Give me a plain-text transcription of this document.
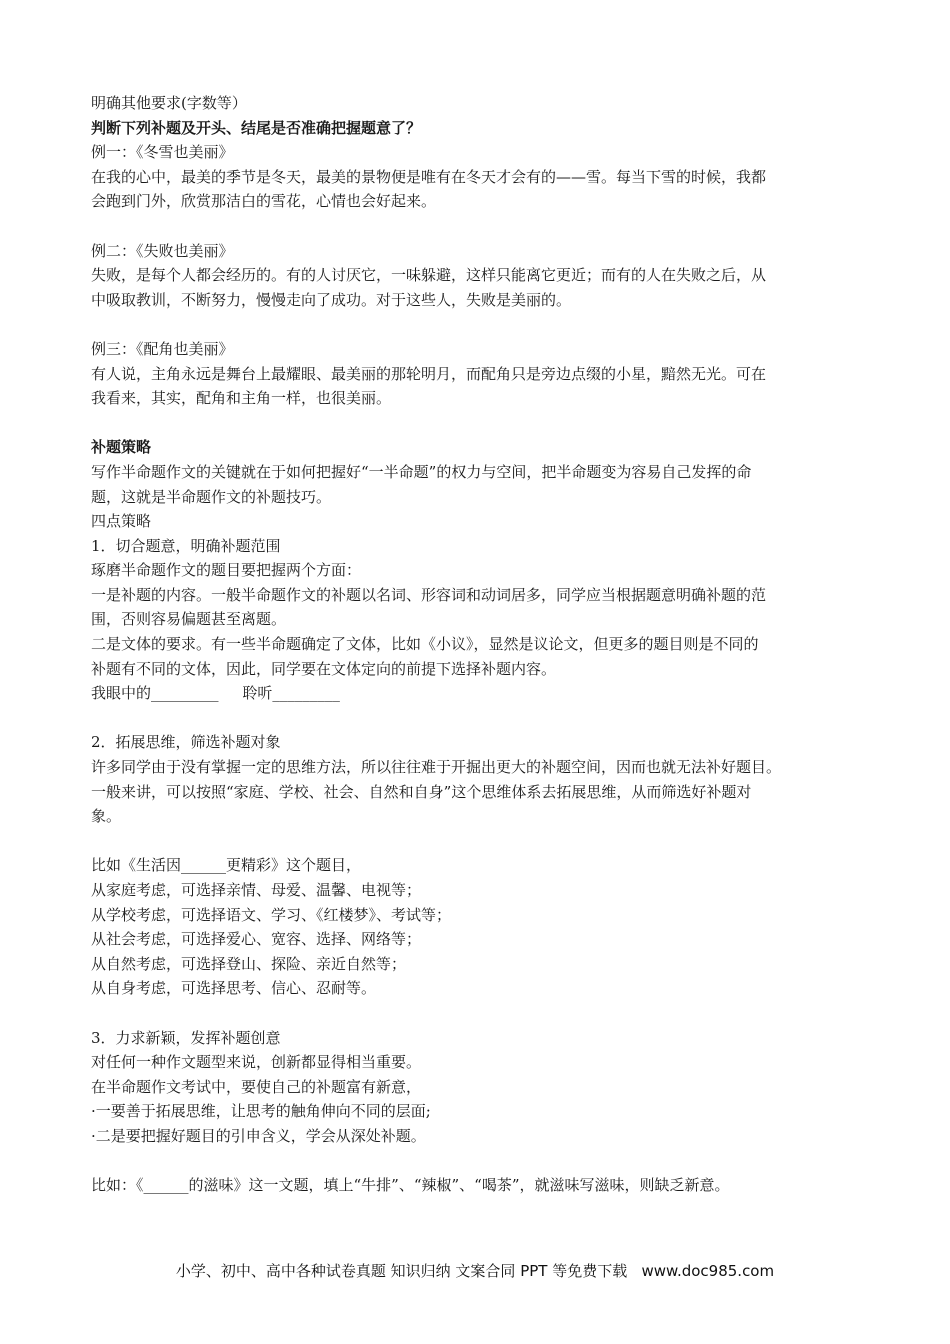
明确其他要求(字数等）
判断下列补题及开头、结尾是否准确把握题意了？
例一：《冬雪也美丽》
在我的心中，最美的季节是冬天，最美的景物便是唯有在冬天才会有的——雪。每当下雪的时候，我都
会跑到门外，欣赏那洁白的雪花，心情也会好起来。
例二：《失败也美丽》
失败，是每个人都会经历的。有的人讨厌它，一味躲避，这样只能离它更近；而有的人在失败之后，从
中吸取教训，不断努力，慢慢走向了成功。对于这些人，失败是美丽的。
例三：《配角也美丽》
有人说，主角永远是舞台上最耀眼、最美丽的那轮明月，而配角只是旁边点缀的小星，黯然无光。可在
我看来，其实，配角和主角一样，也很美丽。
补题策略
写作半命题作文的关键就在于如何把握好“一半命题”的权力与空间，把半命题变为容易自己发挥的命
题，这就是半命题作文的补题技巧。
四点策略
1．切合题意，明确补题范围
琢磨半命题作文的题目要把握两个方面：
一是补题的内容。一般半命题作文的补题以名词、形容词和动词居多，同学应当根据题意明确补题的范
围，否则容易偏题甚至离题。
二是文体的要求。有一些半命题确定了文体，比如《小议》，显然是议论文，但更多的题目则是不同的
补题有不同的文体，因此，同学要在文体定向的前提下选择补题内容。
我眼中的_________     聆听_________
2．拓展思维，筛选补题对象
许多同学由于没有掌握一定的思维方法，所以往往难于开掘出更大的补题空间，因而也就无法补好题目。
一般来讲，可以按照“家庭、学校、社会、自然和自身”这个思维体系去拓展思维，从而筛选好补题对
象。
比如《生活因______更精彩》这个题目，
从家庭考虑，可选择亲情、母爱、温馨、电视等；
从学校考虑，可选择语文、学习、《红楼梦》、考试等；
从社会考虑，可选择爱心、宽容、选择、网络等；
从自然考虑，可选择登山、探险、亲近自然等；
从自身考虑，可选择思考、信心、忍耐等。
3．力求新颖，发挥补题创意
对任何一种作文题型来说，创新都显得相当重要。
在半命题作文考试中，要使自己的补题富有新意，
·一要善于拓展思维，让思考的触角伸向不同的层面;
·二是要把握好题目的引申含义，学会从深处补题。
比如：《______的滋味》这一文题，填上“牛排”、“辣椒”、“喝茶”，就滋味写滋味，则缺乏新意。
小学、初中、高中各种试卷真题 知识归纳 文案合同 PPT 等免费下载   www.doc985.com
